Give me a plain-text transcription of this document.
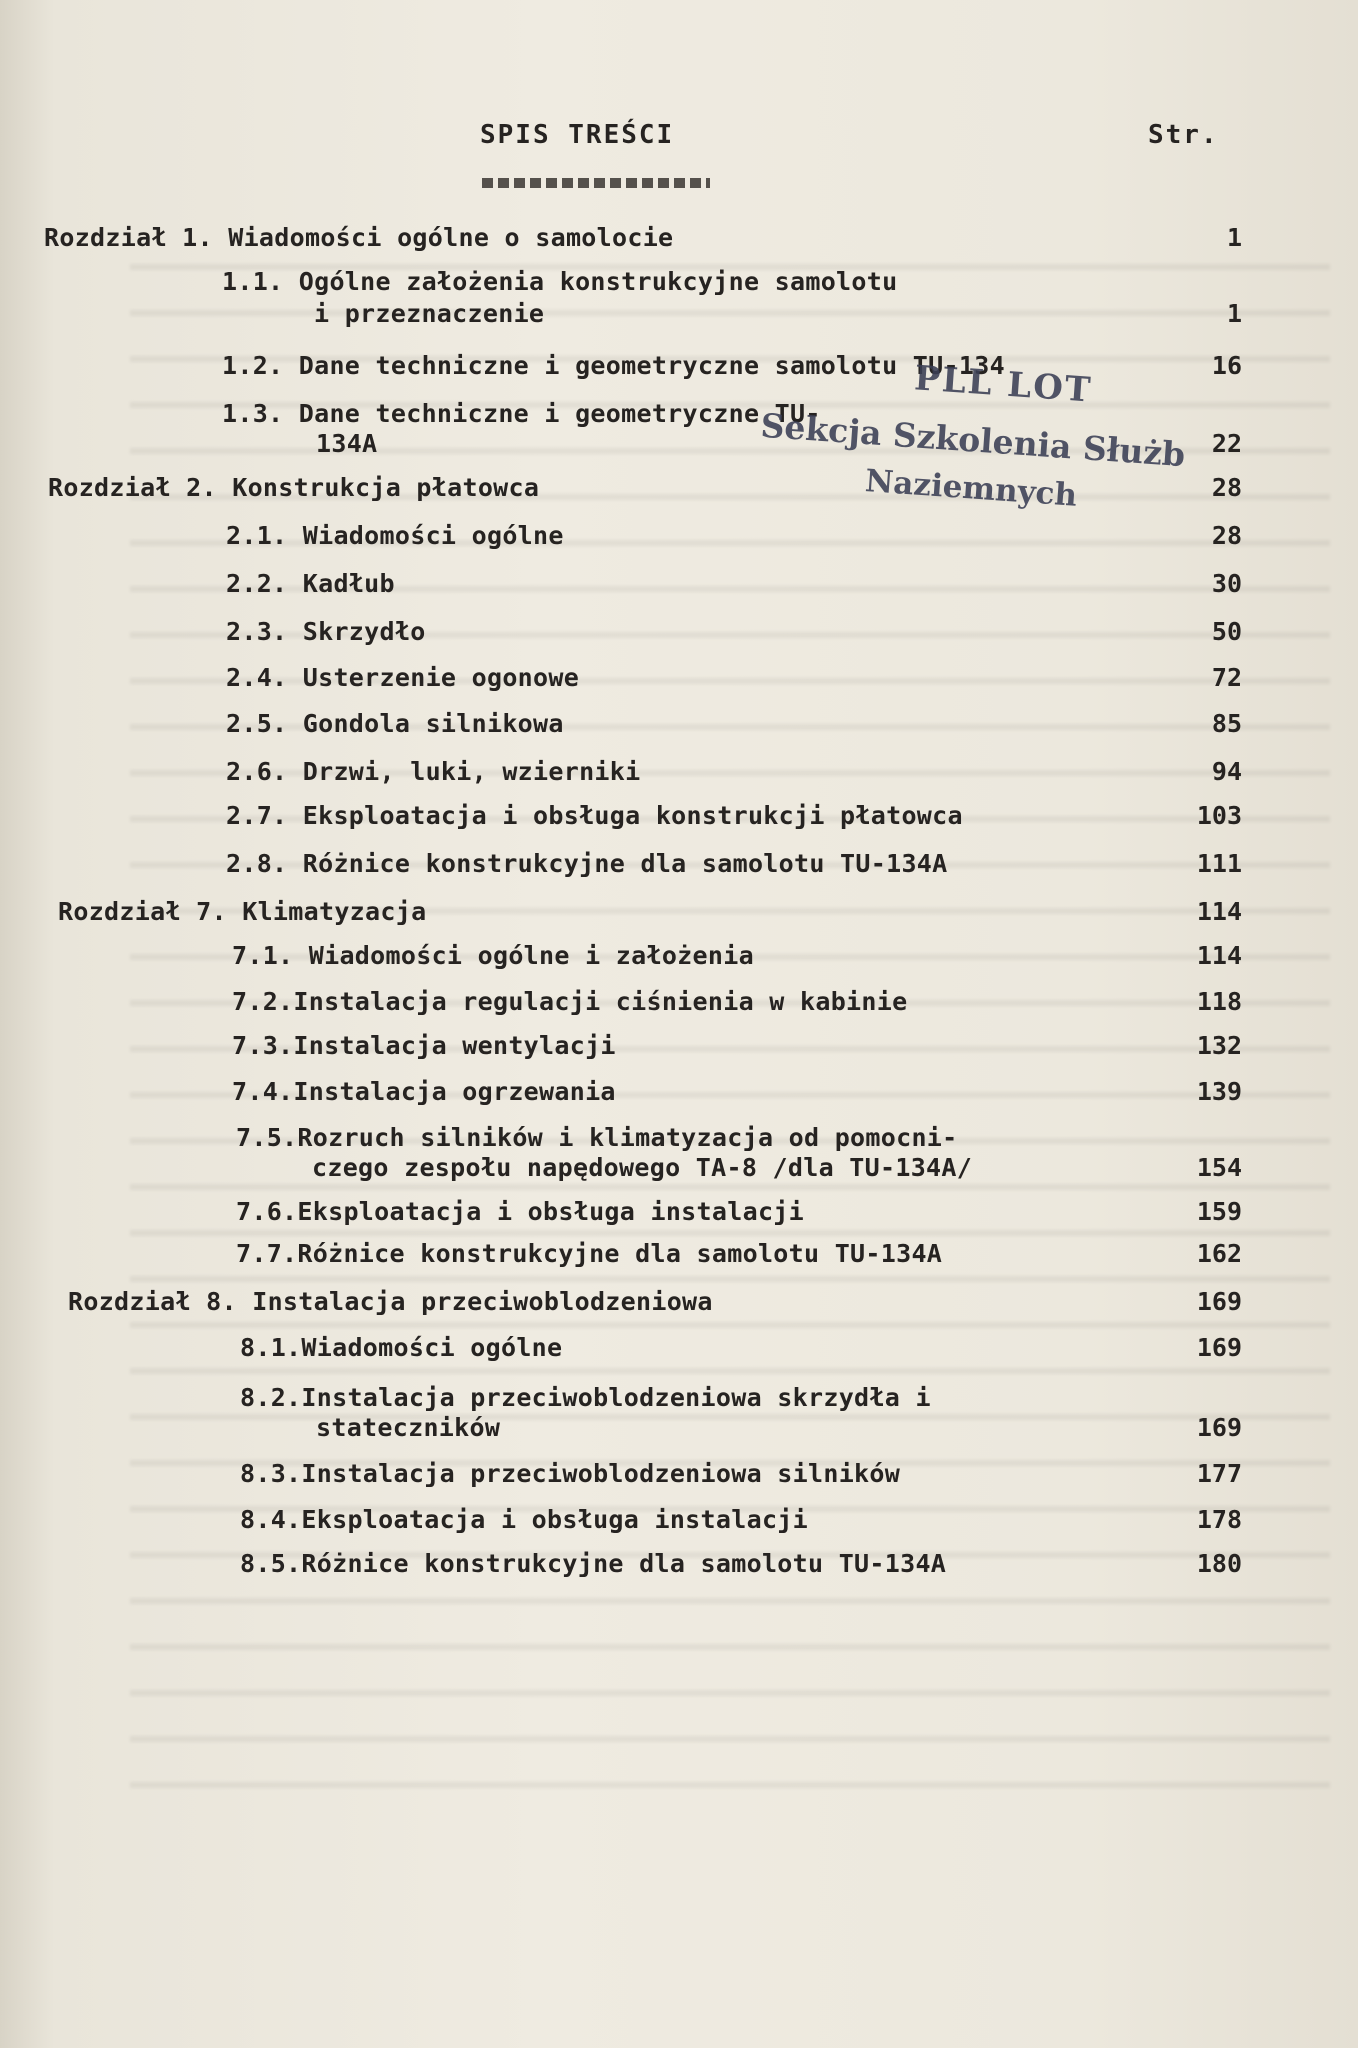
SPIS TREŚCI	Str.
Rozdział 1. Wiadomości ogólne o samolocie	1
1.1. Ogólne założenia konstrukcyjne samolotu
i przeznaczenie	1
1.2. Dane techniczne i geometryczne samolotu TU-134	16
1.3. Dane techniczne i geometryczne TU-
134A	22
Rozdział 2. Konstrukcja płatowca	28
2.1. Wiadomości ogólne	28
2.2. Kadłub	30
2.3. Skrzydło	50
2.4. Usterzenie ogonowe	72
2.5. Gondola silnikowa	85
2.6. Drzwi, luki, wzierniki	94
2.7. Eksploatacja i obsługa konstrukcji płatowca	103
2.8. Różnice konstrukcyjne dla samolotu TU-134A	111
Rozdział 7. Klimatyzacja	114
7.1. Wiadomości ogólne i założenia	114
7.2.Instalacja regulacji ciśnienia w kabinie	118
7.3.Instalacja wentylacji	132
7.4.Instalacja ogrzewania	139
7.5.Rozruch silników i klimatyzacja od pomocni-
czego zespołu napędowego TA-8 /dla TU-134A/	154
7.6.Eksploatacja i obsługa instalacji	159
7.7.Różnice konstrukcyjne dla samolotu TU-134A	162
Rozdział 8. Instalacja przeciwoblodzeniowa	169
8.1.Wiadomości ogólne	169
8.2.Instalacja przeciwoblodzeniowa skrzydła i
stateczników	169
8.3.Instalacja przeciwoblodzeniowa silników	177
8.4.Eksploatacja i obsługa instalacji	178
8.5.Różnice konstrukcyjne dla samolotu TU-134A	180
PLL LOT
Sekcja Szkolenia Służb
Naziemnych
